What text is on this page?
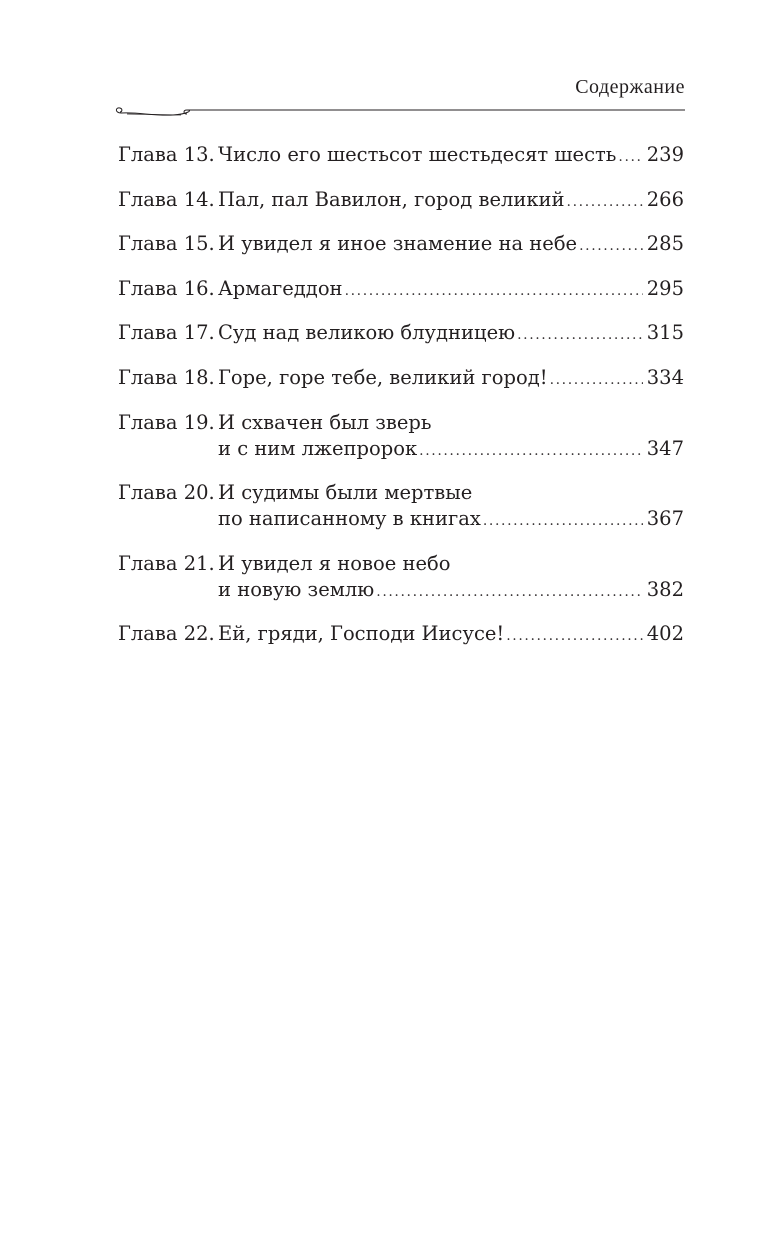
Содержание
Глава 13. Число его шестьсот шестьдесят шесть ..... 239
Глава 14. Пал, пал Вавилон, город великий .....	266
Глава 15. И увидел я иное знамение на небе .....	285
Глава 16. Армагеддон .....	295
Глава 17. Суд над великою блудницею .....	315
Глава 18. Горе, горе тебе, великий город! .....	334
Глава 19. И схвачен был зверь
и с ним лжепророк .....	347
Глава 20. И судимы были мертвые
по написанному в книгах .....	367
Глава 21. И увидел я новое небо
и новую землю .....	382
Глава 22. Ей, гряди, Господи Иисусе! .....	402
